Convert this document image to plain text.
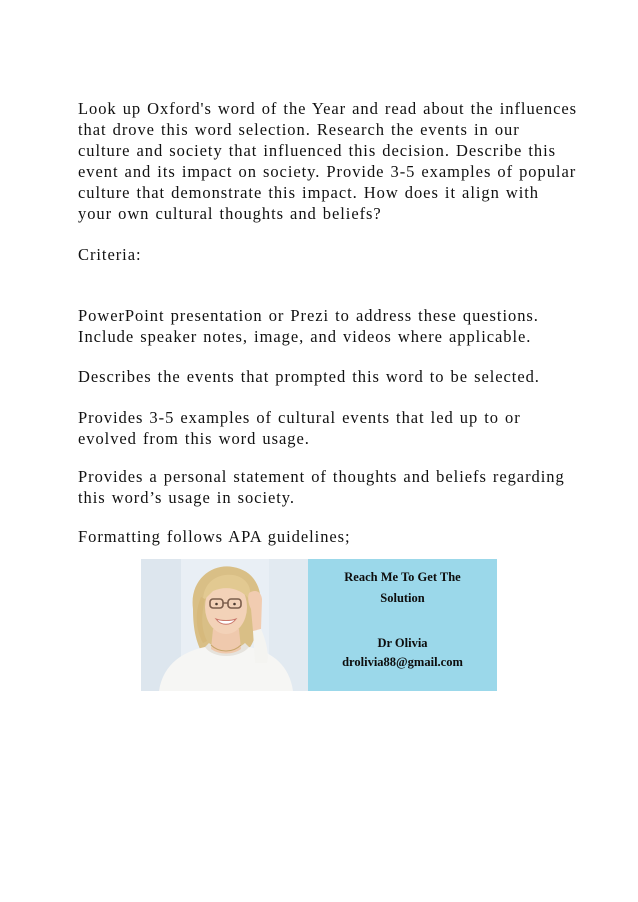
Look up Oxford's word of the Year and read about the influences that drove this word selection. Research the events in our culture and society that influenced this decision. Describe this event and its impact on society. Provide 3-5 examples of popular culture that demonstrate this impact. How does it align with your own cultural thoughts and beliefs?

Criteria:

PowerPoint presentation or Prezi to address these questions. Include speaker notes, image, and videos where applicable.

Describes the events that prompted this word to be selected.

Provides 3-5 examples of cultural events that led up to or evolved from this word usage.

Provides a personal statement of thoughts and beliefs regarding this word’s usage in society.

Formatting follows APA guidelines;

Reach Me To Get The
Solution
Dr Olivia
drolivia88@gmail.com
